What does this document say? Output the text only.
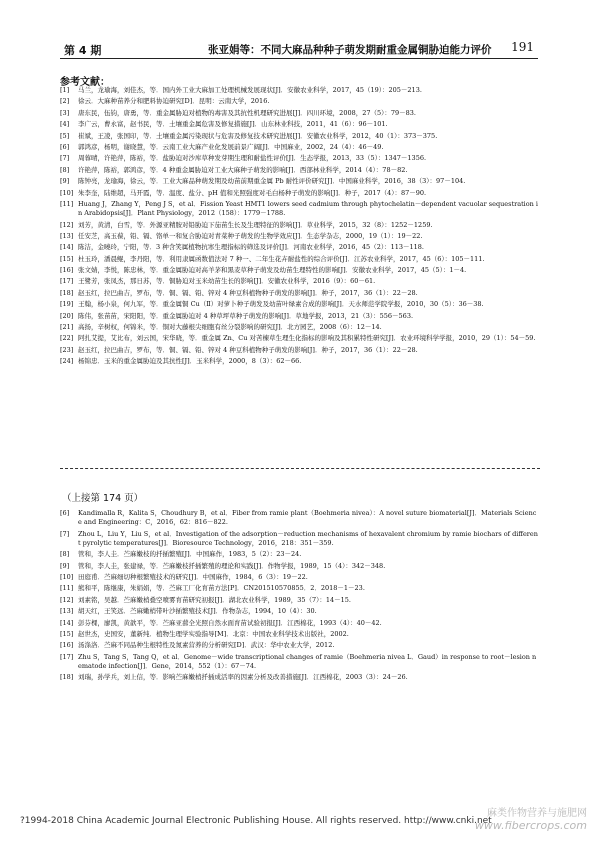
第 4 期	张亚娟等：不同大麻品种种子萌发期耐重金属铜胁迫能力评价 191
参考文献：
[1] 马兰，龙瑜海，刘佳杰，等．国内外工业大麻加工处理机械发展现状[J]．安徽农业科学，2017，45（19）：205－213.
[2] 徐云．大麻种苗养分和肥料协迫研究[D]．昆明：云南大学，2016.
[3] 唐东民，伍钧，唐勇，等．重金属胁迫对植物的毒害及其抗性机理研究进展[J]．四川环境，2008，27（5）：79－83.
[4] 李广云，曹永富，赵书民，等．土壤重金属危害及修复措施[J]．山东林业科技，2011，41（6）：96－101.
[5] 崔斌，王凌，张国印，等．土壤重金属污染现状与危害及修复技术研究进展[J]．安徽农业科学，2012，40（1）：373－375.
[6] 郭鸿彦，杨明，谢晓慧，等．云南工业大麻产业化发展前景广阔[J]．中国麻业，2002，24（4）：46－49.
[7] 周蓉晴，许艳萍，陈裕，等．盐胁迫对沙库草种发芽期生理和耐盐性评价[J]．生态学报，2013，33（5）：1347－1356.
[8] 许艳萍，陈裕，郭鸿彦，等．4 种重金属胁迫对工业大麻种子萌发的影响[J]．西部林业科学，2014（4）：78－82.
[9] 陈钟亮，龙瑜海，徐云，等．工业大麻品种萌发期及幼苗前期重金属 Pb 耐性评价研究[J]．中国麻业科学，2016，38（3）：97－104.
[10] 朱李奎，陆维超，马开霞，等．温度、盐分、pH 值和光照强度对毛白杨种子萌发的影响[J]．种子，2017（4）：87－90.
[11] Huang J，Zhang Y，Peng J S，et al．Fission Yeast HMT1 lowers seed cadmium through phytochelatin－dependent vacuolar sequestration in Arabidopsis[J]．Plant Physiology，2012（158）：1779－1788.
[12] 刘芳，黄清，白雪，等．外源亚精胺对铅胁迫下茄苗生长及生理特征的影响[J]．草业科学，2015，32（8）：1252－1259.
[13] 任安芝，高玉葆，铅、镉、铬单一和复合胁迫对青菜种子萌发的生物学效应[J]．生态学杂志，2000，19（1）：19－22.
[14] 陈洁，金曉玲，宁阳，等．3 种含笑属植物抗寒生理指标的筛选及评价[J]．河南农业科学，2016，45（2）：113－118.
[15] 杜玉玲，潘晨鲲，李丹阳，等．利用隶属函数值法对 7 种一、二年生花卉耐盐性的综合评价[J]．江苏农业科学，2017，45（6）：105－111.
[16] 张文婧，李悦，陈忠林，等．重金属胁迫对高羊茅和黑麦草种子萌发及幼苗生理特性的影响[J]．安徽农业科学，2017，45（5）：1－4.
[17] 王鹭芳，张凤杰，那日苏，等．铜胁迫对玉米幼苗生长的影响[J]．安徽农业科学，2016（9）：60－61.
[18] 赵玉红，拉巴曲吉，罗布，等．铜、镉、铅、锌对 4 种豆科植物种子萌发的影响[J]．种子，2017，36（1）：22－28.
[19] 王翰，杨小泉，何九军，等．重金属铜 Cu（Ⅱ）对萝卜种子萌发及幼苗叶绿素合成的影响[J]．天水师范学院学报，2010，30（5）：36－38.
[20] 陈伟，张苗苗，宋阳阳，等．重金属胁迫对 4 种草坪草种子萌发的影响[J]．草地学报，2013，21（3）：556－563.
[21] 高扬，辛树权，何锦米，等．铜对大藤根尖细胞有丝分裂影响的研究[J]．北方园艺，2008（6）：12－14.
[22] 阿扎艾提，艾比布，刘云国，宋华晓，等．重金属 Zn、Cu 对苦楝草生理生化指标的影响及其积累特性研究[J]．农业环境科学学报，2010，29（1）：54－59.
[23] 赵玉红，拉巴曲吉，罗布，等．铜、镉、铅、锌对 4 种豆科植物种子萌发的影响[J]．种子，2017，36（1）：22－28.
[24] 杨锦忠．玉米的重金属胁迫及其抗性[J]．玉米科学，2000，8（3）：62－66.
（上接第 174 页）
[6] Kandimalla R，Kalita S，Choudhury B，et al．Fiber from ramie plant（Boehmeria nivea）：A novel suture biomaterial[J]．Materials Science and Engineering：C，2016，62：816－822.
[7] Zhou L，Liu Y，Liu S，et al．Investigation of the adsorption－reduction mechanisms of hexavalent chromium by ramie biochars of different pyrolytic temperatures[J]．Bioresource Technology，2016，218：351－359.
[8] 管和，李人圭．苎麻嫩枝的扦插繁殖[J]．中国麻作，1983，5（2）：23－24.
[9] 管和，李人圭，张建禄，等．苎麻嫩枝扦插繁殖的理论和实践[J]．作物学报，1989，15（4）：342－348.
[10] 田庭甫．苎麻细切种根繁殖技术的研究[J]．中国麻作，1984，6（3）：19－22.
[11] 熊和平，陈继康，朱娟娟，等．苎麻工厂化育苗方法[P]．CN201510570855．2．2018－1－23.
[12] 刘素铭，吴越．苎麻嫩梢叠空喷雾育苗研究初报[J]．湖北农业科学，1989，35（7）：14－15.
[13] 胡天红，王笑远．苎麻嫩梢带叶沙插繁殖技术[J]．作物杂志，1994，10（4）：30.
[14] 彭芬棵，廖凯，黄歆平，等．苎麻亚蔀全光照自然水面育苗试验初报[J]．江西棉花，1993（4）：40－42.
[15] 赵世杰，史国安，董新纯．植物生理学实验指导[M]．北京：中国农业科学技术出版社，2002.
[16] 汤涤洛．苎麻不同品种生根特性及氮素营养的分析研究[D]．武汉：华中农业大学，2012.
[17] Zhu S，Tang S，Tang Q，et al．Genome－wide transcriptional changes of ramie（Boehmeria nivea L．Gaud）in response to root－lesion nematode infection[J]．Gene，2014，552（1）：67－74.
[18] 刘瑞，孙学兵，刘上信，等．影响苎麻嫩梢扦插成活率的因素分析及改善措施[J]．江西棉花，2003（3）：24－26.
?1994-2018 China Academic Journal Electronic Publishing House. All rights reserved. http://www.cnki.net
麻类作物营养与施肥网
www.fibercrops.com
